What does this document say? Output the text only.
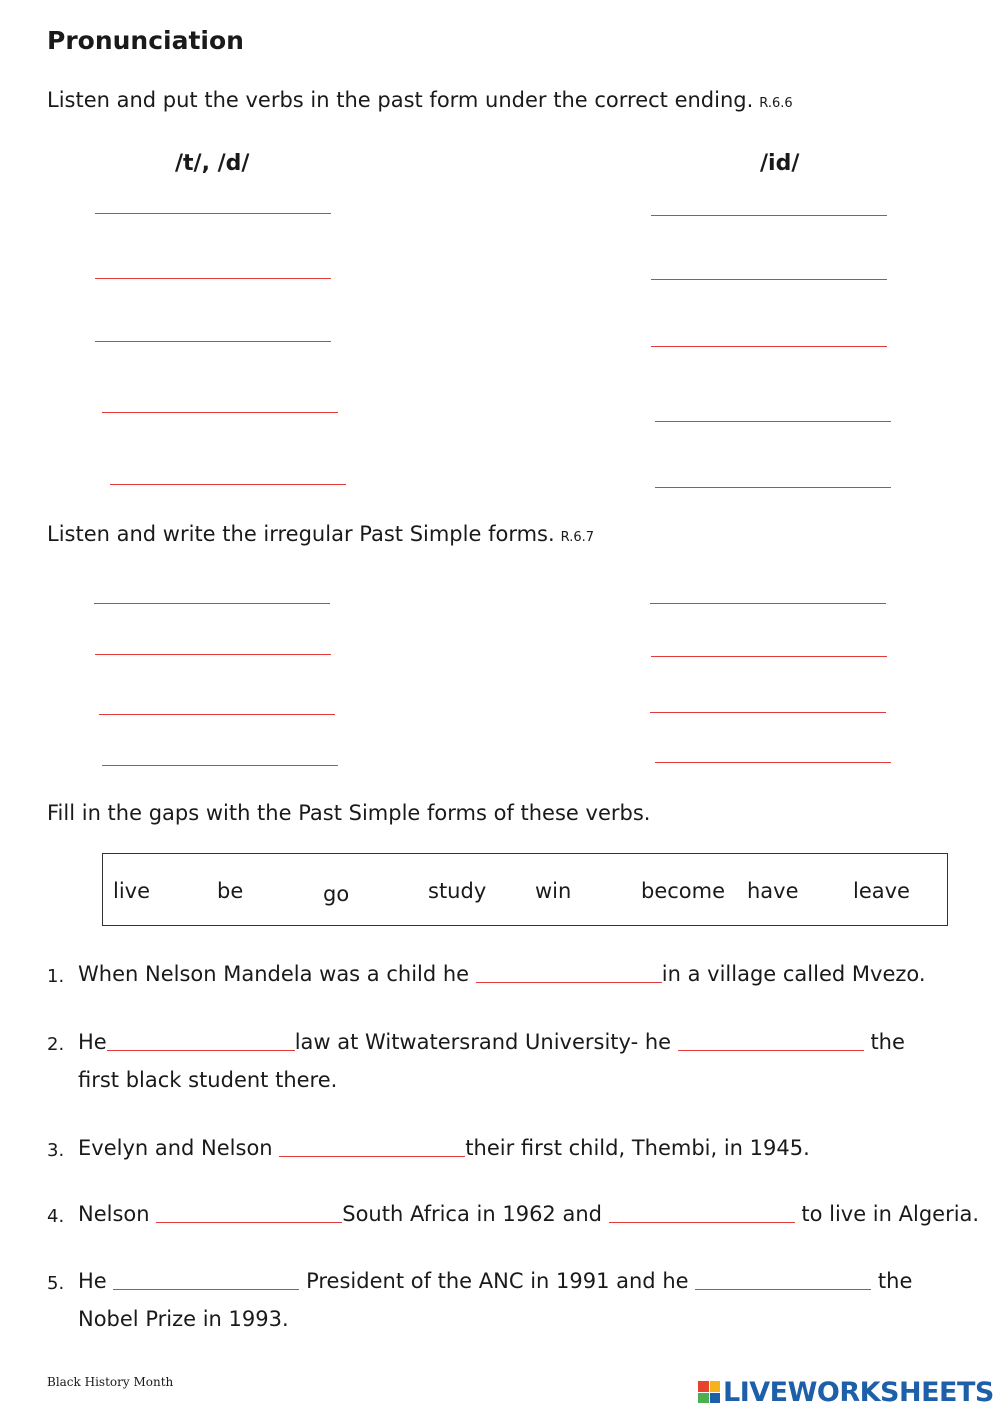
Pronunciation
Listen and put the verbs in the past form under the correct ending. R.6.6
/t/, /d/	/id/
Listen and write the irregular Past Simple forms. R.6.7
Fill in the gaps with the Past Simple forms of these verbs.
live	be	go	study win	become have	leave
1. When Nelson Mandela was a child he	in a village called Mvezo.
2. He	law at Witwatersrand University- he	the
first black student there.
3. Evelyn and Nelson	their first child, Thembi, in 1945.
4. Nelson	South Africa in 1962 and	to live in Algeria.
5. He	President of the ANC in 1991 and he	the
Nobel Prize in 1993.
Black History Month	LIVEWORKSHEETS
